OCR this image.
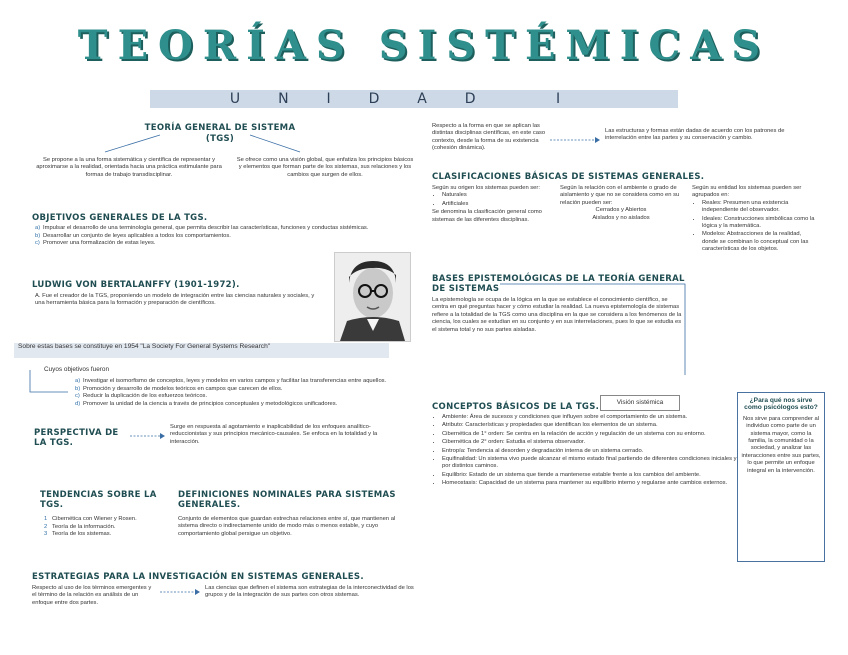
TEORÍAS SISTÉMICAS
UNIDAD I
TEORÍA GENERAL DE SISTEMA
(TGS)
Se propone a la una forma sistemática y científica de representar y aproximarse a la realidad, orientada hacia una práctica estimulante para formas de trabajo transdisciplinar.
Se ofrece como una visión global, que enfatiza los principios básicos y elementos que forman parte de los sistemas, sus relaciones y los cambios que surgen de ellos.
OBJETIVOS GENERALES DE LA TGS.
a) Impulsar el desarrollo de una terminología general, que permita describir las características, funciones y conductas sistémicas.
b) Desarrollar un conjunto de leyes aplicables a todos los comportamientos.
c) Promover una formalización de estas leyes.
LUDWIG VON BERTALANFFY (1901-1972).
A. Fue el creador de la TGS, proponiendo un modelo de integración entre las ciencias naturales y sociales, y una herramienta básica para la formación y preparación de científicos.
Sobre estas bases se constituye en 1954 "La Society For General Systems Research"
Cuyos objetivos fueron
a) Investigar el isomorfismo de conceptos, leyes y modelos en varios campos y facilitar las transferencias entre aquellos.
b) Promoción y desarrollo de modelos teóricos en campos que carecen de ellos.
c) Reducir la duplicación de los esfuerzos teóricos.
d) Promover la unidad de la ciencia a través de principios conceptuales y metodológicos unificadores.
PERSPECTIVA DE LA TGS.
Surge en respuesta al agotamiento e inaplicabilidad de los enfoques analítico-reduccionistas y sus principios mecánico-causales. Se enfoca en la totalidad y la interacción.
TENDENCIAS SOBRE LA TGS.
1 Cibernética con Wiener y Rosen.
2 Teoría de la información.
3 Teoría de los sistemas.
DEFINICIONES NOMINALES PARA SISTEMAS GENERALES.
Conjunto de elementos que guardan estrechas relaciones entre sí, que mantienen al sistema directo o indirectamente unido de modo más o menos estable, y cuyo comportamiento global persigue un objetivo.
ESTRATEGIAS PARA LA INVESTIGACIÓN EN SISTEMAS GENERALES.
Respecto al uso de los términos emergentes y el término de la relación es análisis de un enfoque entre dos partes.
Las ciencias que definen el sistema son estrategias de la interconectividad de los grupos y de la integración de sus partes con otros sistemas.
Respecto a la forma en que se aplican las distintas disciplinas científicas, en este caso contexto, desde la forma de su existencia (cohesión dinámica).
Las estructuras y formas están dadas de acuerdo con los patrones de interrelación entre las partes y su conservación y cambio.
CLASIFICACIONES BÁSICAS DE SISTEMAS GENERALES.
Según su origen los sistemas pueden ser:
• Naturales
• Artificiales
Se denomina la clasificación general como sistemas de las diferentes disciplinas.
Según la relación con el ambiente o grado de aislamiento y que no se considera como en su relación pueden ser:
Cerrados y Abiertos
Aislados y no aislados
Según su entidad los sistemas pueden ser agrupados en:
• Reales: Presumen una existencia independiente del observador.
• Ideales: Construcciones simbólicas como la lógica y la matemática.
• Modelos: Abstracciones de la realidad, donde se combinan lo conceptual con las características de los objetos.
BASES EPISTEMOLÓGICAS DE LA TEORÍA GENERAL DE SISTEMAS
La epistemología se ocupa de la lógica en la que se establece el conocimiento científico, se centra en qué preguntas hacer y cómo estudiar la realidad. La nueva epistemología de sistemas refiere a la totalidad de la TGS como una disciplina en la que se considera a los fenómenos de la ciencia, los cuales se estudian en su conjunto y en sus interrelaciones, pues lo que se estudia es el sistema total y no sus partes aisladas.
Visión sistémica
CONCEPTOS BÁSICOS DE LA TGS.
• Ambiente: Área de sucesos y condiciones que influyen sobre el comportamiento de un sistema.
• Atributo: Características y propiedades que identifican los elementos de un sistema.
• Cibernética de 1° orden: Se centra en la relación de acción y regulación de un sistema con su entorno.
• Cibernética de 2° orden: Estudia el sistema observador.
• Entropía: Tendencia al desorden y degradación interna de un sistema cerrado.
• Equifinalidad: Un sistema vivo puede alcanzar el mismo estado final partiendo de diferentes condiciones iniciales y por distintos caminos.
• Equilibrio: Estado de un sistema que tiende a mantenerse estable frente a los cambios del ambiente.
• Homeostasis: Capacidad de un sistema para mantener su equilibrio interno y regularse ante cambios externos.
¿Para qué nos sirve como psicólogos esto?
Nos sirve para comprender al individuo como parte de un sistema mayor, como la familia, la comunidad o la sociedad, y analizar las interacciones entre sus partes, lo que permite un enfoque integral en la intervención.
